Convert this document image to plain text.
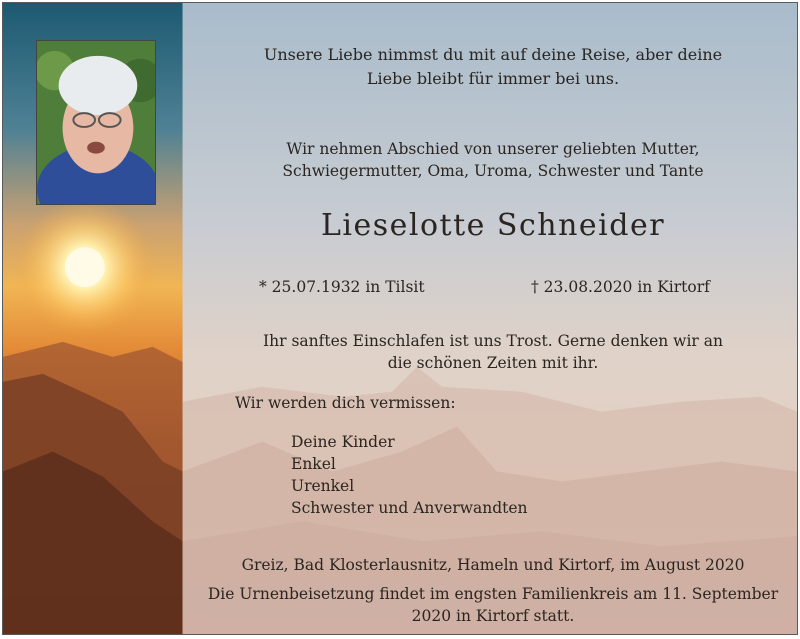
Unsere Liebe nimmst du mit auf deine Reise, aber deine
Liebe bleibt für immer bei uns.
Wir nehmen Abschied von unserer geliebten Mutter,
Schwiegermutter, Oma, Uroma, Schwester und Tante
Lieselotte Schneider
* 25.07.1932 in Tilsit	† 23.08.2020 in Kirtorf
Ihr sanftes Einschlafen ist uns Trost. Gerne denken wir an
die schönen Zeiten mit ihr.
Wir werden dich vermissen:
Deine Kinder
Enkel
Urenkel
Schwester und Anverwandten
Greiz, Bad Klosterlausnitz, Hameln und Kirtorf, im August 2020
Die Urnenbeisetzung findet im engsten Familienkreis am 11. September
2020 in Kirtorf statt.
